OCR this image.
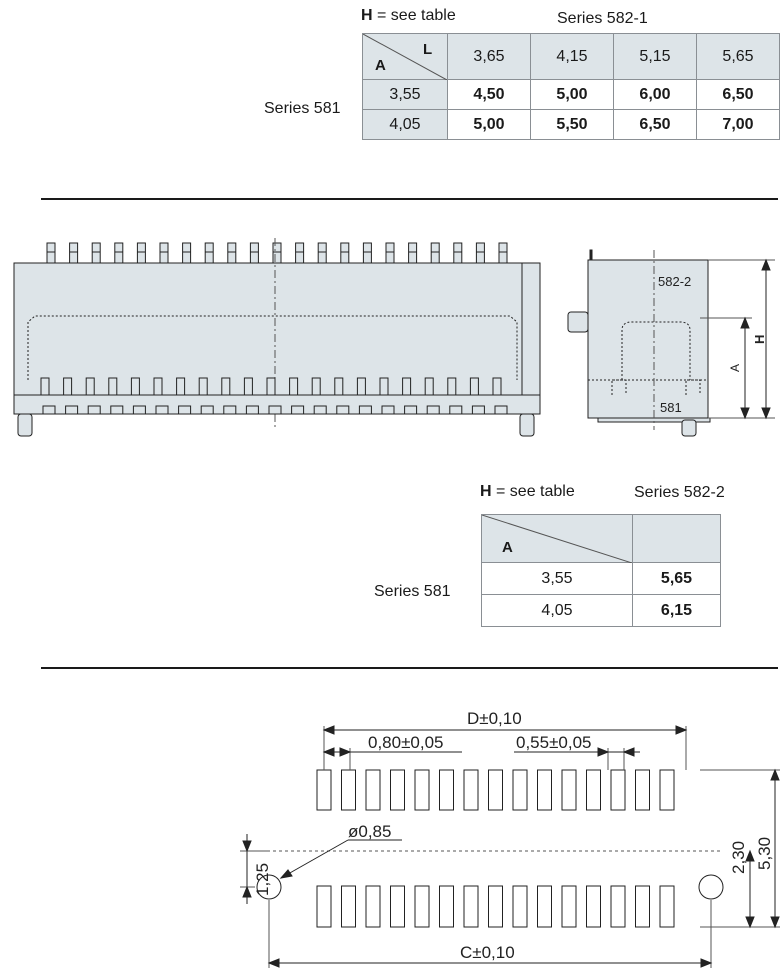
H = see table	Series 582-1
Series 581
A
L	3,65	4,15	5,15	5,65
3,55	4,50	5,00	6,00	6,50
4,05	5,00	5,50	6,50	7,00
582-2
581
A
H
H = see table	Series 582-2
Series 581
A	

3,55	5,65
4,05	6,15
D±0,10
0,80±0,05	0,55±0,05
ø0,85
C±0,10
2,30 5,30
1,25
